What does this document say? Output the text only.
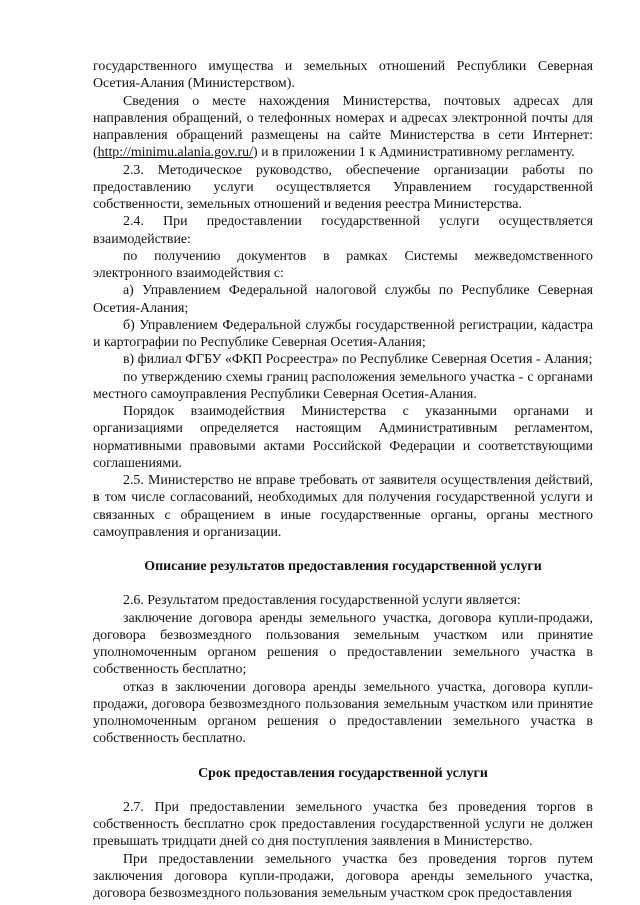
государственного имущества и земельных отношений Республики Северная Осетия-Алания (Министерством).

Сведения о месте нахождения Министерства, почтовых адресах для направления обращений, о телефонных номерах и адресах электронной почты для направления обращений размещены на сайте Министерства в сети Интернет: (http://minimu.alania.gov.ru/) и в приложении 1 к Административному регламенту.

2.3. Методическое руководство, обеспечение организации работы по предоставлению услуги осуществляется Управлением государственной собственности, земельных отношений и ведения реестра Министерства.

2.4. При предоставлении государственной услуги осуществляется взаимодействие:

по получению документов в рамках Системы межведомственного электронного взаимодействия с:

а) Управлением Федеральной налоговой службы по Республике Северная Осетия-Алания;

б) Управлением Федеральной службы государственной регистрации, кадастра и картографии по Республике Северная Осетия-Алания;

в) филиал ФГБУ «ФКП Росреестра» по Республике Северная Осетия - Алания;

по утверждению схемы границ расположения земельного участка - с органами местного самоуправления Республики Северная Осетия-Алания.

Порядок взаимодействия Министерства с указанными органами и организациями определяется настоящим Административным регламентом, нормативными правовыми актами Российской Федерации и соответствующими соглашениями.

2.5. Министерство не вправе требовать от заявителя осуществления действий, в том числе согласований, необходимых для получения государственной услуги и связанных с обращением в иные государственные органы, органы местного самоуправления и организации.

Описание результатов предоставления государственной услуги

2.6. Результатом предоставления государственной услуги является:

заключение договора аренды земельного участка, договора купли-продажи, договора безвозмездного пользования земельным участком или принятие уполномоченным органом решения о предоставлении земельного участка в собственность бесплатно;

отказ в заключении договора аренды земельного участка, договора купли-продажи, договора безвозмездного пользования земельным участком или принятие уполномоченным органом решения о предоставлении земельного участка в собственность бесплатно.

Срок предоставления государственной услуги

2.7. При предоставлении земельного участка без проведения торгов в собственность бесплатно срок предоставления государственной услуги не должен превышать тридцати дней со дня поступления заявления в Министерство.

При предоставлении земельного участка без проведения торгов путем заключения договора купли-продажи, договора аренды земельного участка, договора безвозмездного пользования земельным участком срок предоставления
